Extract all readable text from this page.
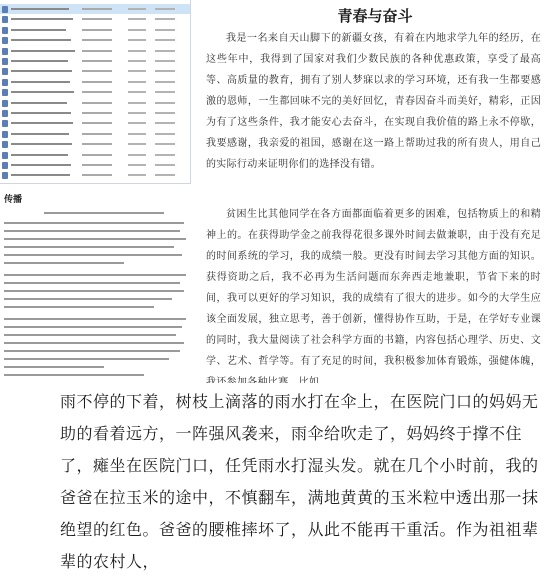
传播
青春与奋斗

我是一名来自天山脚下的新疆女孩，有着在内地求学九年的经历，在这些年中，我得到了国家对我们少数民族的各种优惠政策，享受了最高等、高质量的教育，拥有了别人梦寐以求的学习环境，还有我一生都要感激的恩师，一生都回味不完的美好回忆，青春因奋斗而美好，精彩，正因为有了这些条件，我才能安心去奋斗，在实现自我价值的路上永不停歇，我要感谢，我亲爱的祖国，感谢在这一路上帮助过我的所有贵人，用自己的实际行动来证明你们的选择没有错。

贫困生比其他同学在各方面都面临着更多的困难，包括物质上的和精神上的。在获得助学金之前我得花很多课外时间去做兼职，由于没有充足的时间系统的学习，我的成绩一般。更没有时间去学习其他方面的知识。获得资助之后，我不必再为生活问题而东奔西走地兼职，节省下来的时间，我可以更好的学习知识，我的成绩有了很大的进步。如今的大学生应该全面发展，独立思考，善于创新，懂得协作互助，于是，在学好专业课的同时，我大量阅读了社会科学方面的书籍，内容包括心理学、历史、文学、艺术、哲学等。有了充足的时间，我积极参加体育锻炼，强健体魄，

雨不停的下着，树枝上滴落的雨水打在伞上，在医院门口的妈妈无助的看着远方，一阵强风袭来，雨伞给吹走了，妈妈终于撑不住了，瘫坐在医院门口，任凭雨水打湿头发。就在几个小时前，我的爸爸在拉玉米的途中，不慎翻车，满地黄黄的玉米粒中透出那一抹绝望的红色。爸爸的腰椎摔坏了，从此不能再干重活。作为祖祖辈辈的农村人，
